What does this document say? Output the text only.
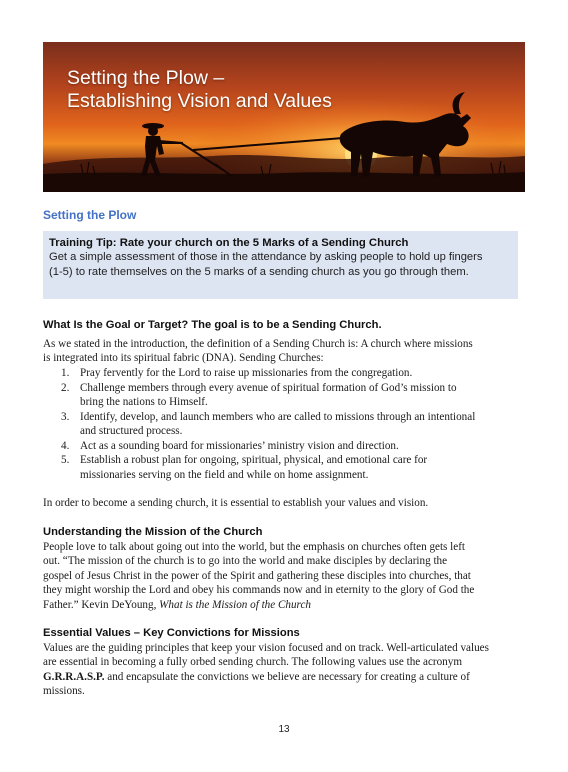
Setting the Plow –
Establishing Vision and Values
Setting the Plow
Training Tip: Rate your church on the 5 Marks of a Sending Church
Get a simple assessment of those in the attendance by asking people to hold up fingers
(1-5) to rate themselves on the 5 marks of a sending church as you go through them.
What Is the Goal or Target? The goal is to be a Sending Church.
As we stated in the introduction, the definition of a Sending Church is: A church where missions
is integrated into its spiritual fabric (DNA). Sending Churches:
1. Pray fervently for the Lord to raise up missionaries from the congregation.
2. Challenge members through every avenue of spiritual formation of God’s mission to
bring the nations to Himself.
3. Identify, develop, and launch members who are called to missions through an intentional
and structured process.
4. Act as a sounding board for missionaries’ ministry vision and direction.
5. Establish a robust plan for ongoing, spiritual, physical, and emotional care for
missionaries serving on the field and while on home assignment.
In order to become a sending church, it is essential to establish your values and vision.
Understanding the Mission of the Church
People love to talk about going out into the world, but the emphasis on churches often gets left
out. “The mission of the church is to go into the world and make disciples by declaring the
gospel of Jesus Christ in the power of the Spirit and gathering these disciples into churches, that
they might worship the Lord and obey his commands now and in eternity to the glory of God the
Father.” Kevin DeYoung, What is the Mission of the Church
Essential Values – Key Convictions for Missions
Values are the guiding principles that keep your vision focused and on track. Well-articulated values
are essential in becoming a fully orbed sending church. The following values use the acronym
G.R.R.A.S.P. and encapsulate the convictions we believe are necessary for creating a culture of
missions.
13
